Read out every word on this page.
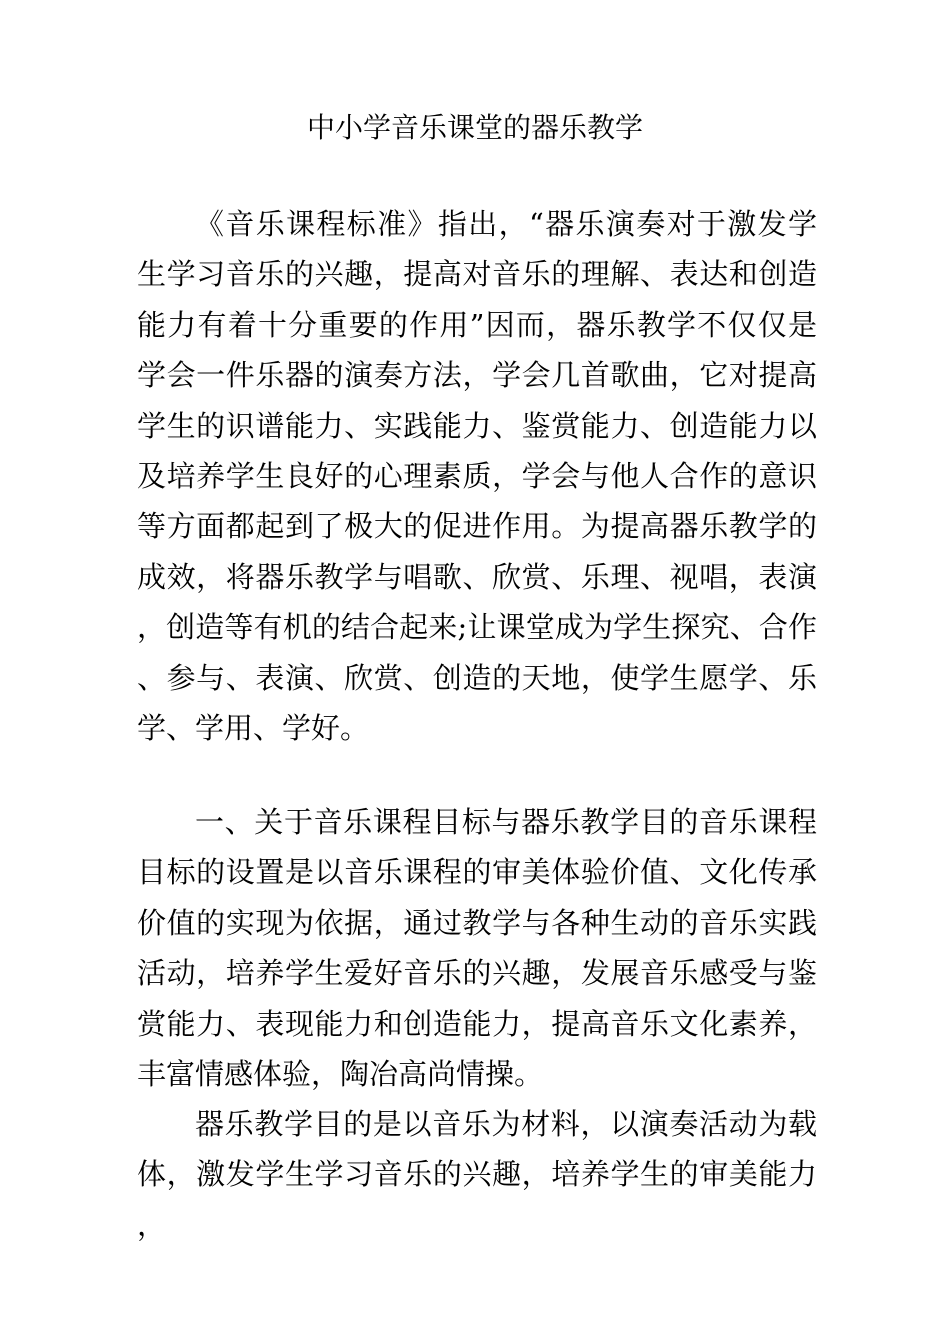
中小学音乐课堂的器乐教学

《音乐课程标准》指出，“器乐演奏对于激发学生学习音乐的兴趣，提高对音乐的理解、表达和创造能力有着十分重要的作用”因而，器乐教学不仅仅是学会一件乐器的演奏方法，学会几首歌曲，它对提高学生的识谱能力、实践能力、鉴赏能力、创造能力以及培养学生良好的心理素质，学会与他人合作的意识等方面都起到了极大的促进作用。为提高器乐教学的成效，将器乐教学与唱歌、欣赏、乐理、视唱，表演，创造等有机的结合起来;让课堂成为学生探究、合作、参与、表演、欣赏、创造的天地，使学生愿学、乐学、学用、学好。

一、关于音乐课程目标与器乐教学目的音乐课程目标的设置是以音乐课程的审美体验价值、文化传承价值的实现为依据，通过教学与各种生动的音乐实践活动，培养学生爱好音乐的兴趣，发展音乐感受与鉴赏能力、表现能力和创造能力，提高音乐文化素养，丰富情感体验，陶冶高尚情操。

器乐教学目的是以音乐为材料，以演奏活动为载体，激发学生学习音乐的兴趣，培养学生的审美能力，
